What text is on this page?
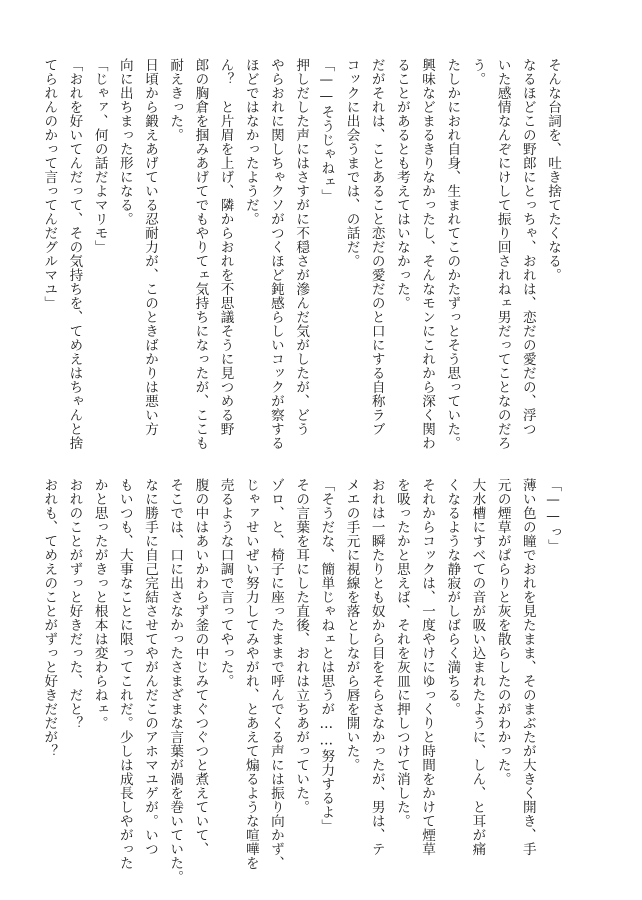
そんな台詞を、吐き捨てたくなる。
なるほどこの野郎にとっちゃ、おれは、恋だの愛だの、浮つ
いた感情なんぞにけして振り回されねェ男だってことなのだろ
う。
たしかにおれ自身、生まれてこのかたずっとそう思っていた。
興味などまるきりなかったし、そんなモンにこれから深く関わ
ることがあるとも考えてはいなかった。
だがそれは、ことあること恋だの愛だのと口にする自称ラブ
コックに出会うまでは、の話だ。
「——そうじゃねェ」
押しだした声にはさすがに不穏さが滲んだ気がしたが、どう
やらおれに関しちゃクソがつくほど鈍感らしいコックが察する
ほどではなかったようだ。
ん？　と片眉を上げ、隣からおれを不思議そうに見つめる野
郎の胸倉を掴みあげてでもやりてェ気持ちになったが、ここも
耐えきった。
日頃から鍛えあげている忍耐力が、このときばかりは悪い方
向に出ちまった形になる。
「じゃァ、何の話だよマリモ」
「おれを好いてんだって、その気持ちを、てめえはちゃんと捨
てられんのかって言ってんだグルマユ」
「——っ」
薄い色の瞳でおれを見たまま、そのまぶたが大きく開き、手
元の煙草がぱらりと灰を散らしたのがわかった。
大水槽にすべての音が吸い込まれたように、しん、と耳が痛
くなるような静寂がしばらく満ちる。
それからコックは、一度やけにゆっくりと時間をかけて煙草
を吸ったかと思えば、それを灰皿に押しつけて消した。
おれは一瞬たりとも奴から目をそらさなかったが、男は、テ
メエの手元に視線を落としながら唇を開いた。
「そうだな、簡単じゃねェとは思うが……努力するよ」
その言葉を耳にした直後、おれは立ちあがっていた。
ゾロ、と、椅子に座ったままで呼んでくる声には振り向かず、
じゃァせいぜい努力してみやがれ、とあえて煽るような喧嘩を
売るような口調で言ってやった。
腹の中はあいかわらず釜の中じみてぐつぐつと煮えていて、
そこでは、口に出さなかったさまざまな言葉が渦を巻いていた。
なに勝手に自己完結させてやがんだこのアホマユゲが。いつ
もいつも、大事なことに限ってこれだ。少しは成長しやがった
かと思ったがきっと根本は変わらねェ。
おれのことがずっと好きだった、だと？
おれも、てめえのことがずっと好きだだが？
